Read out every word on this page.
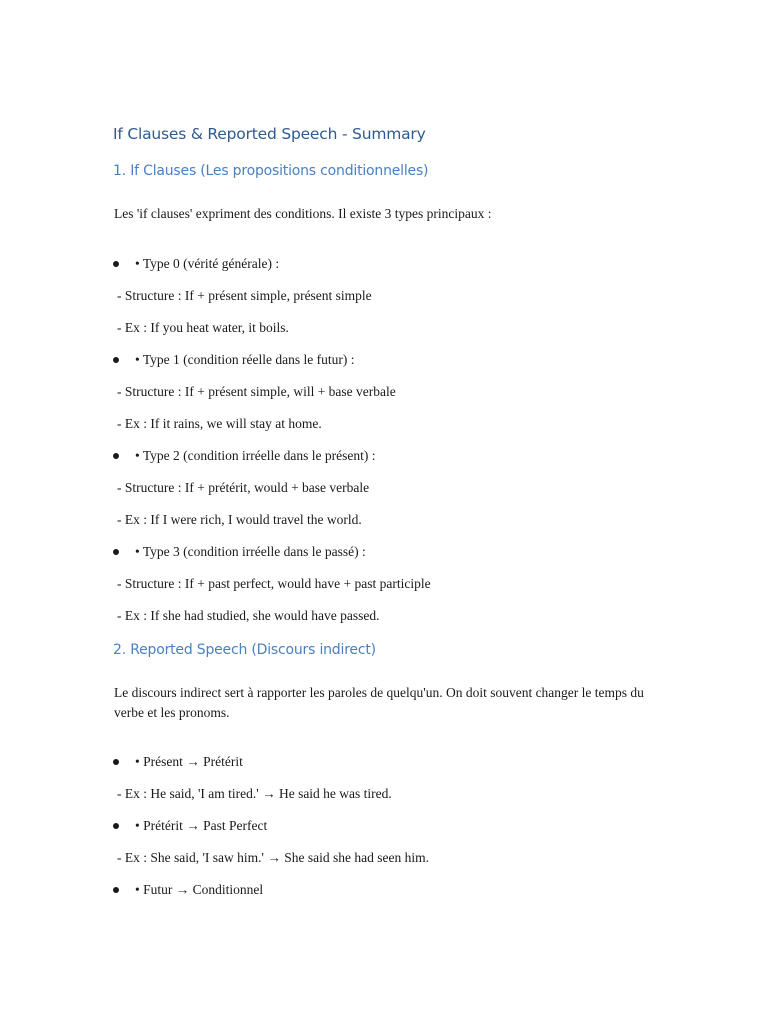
If Clauses & Reported Speech - Summary
1. If Clauses (Les propositions conditionnelles)

Les 'if clauses' expriment des conditions. Il existe 3 types principaux :

• Type 0 (vérité générale) :
- Structure : If + présent simple, présent simple
- Ex : If you heat water, it boils.
• Type 1 (condition réelle dans le futur) :
- Structure : If + présent simple, will + base verbale
- Ex : If it rains, we will stay at home.
• Type 2 (condition irréelle dans le présent) :
- Structure : If + prétérit, would + base verbale
- Ex : If I were rich, I would travel the world.
• Type 3 (condition irréelle dans le passé) :
- Structure : If + past perfect, would have + past participle
- Ex : If she had studied, she would have passed.
2. Reported Speech (Discours indirect)

Le discours indirect sert à rapporter les paroles de quelqu'un. On doit souvent changer le temps du verbe et les pronoms.

• Présent → Prétérit
- Ex : He said, 'I am tired.' → He said he was tired.
• Prétérit → Past Perfect
- Ex : She said, 'I saw him.' → She said she had seen him.
• Futur → Conditionnel
